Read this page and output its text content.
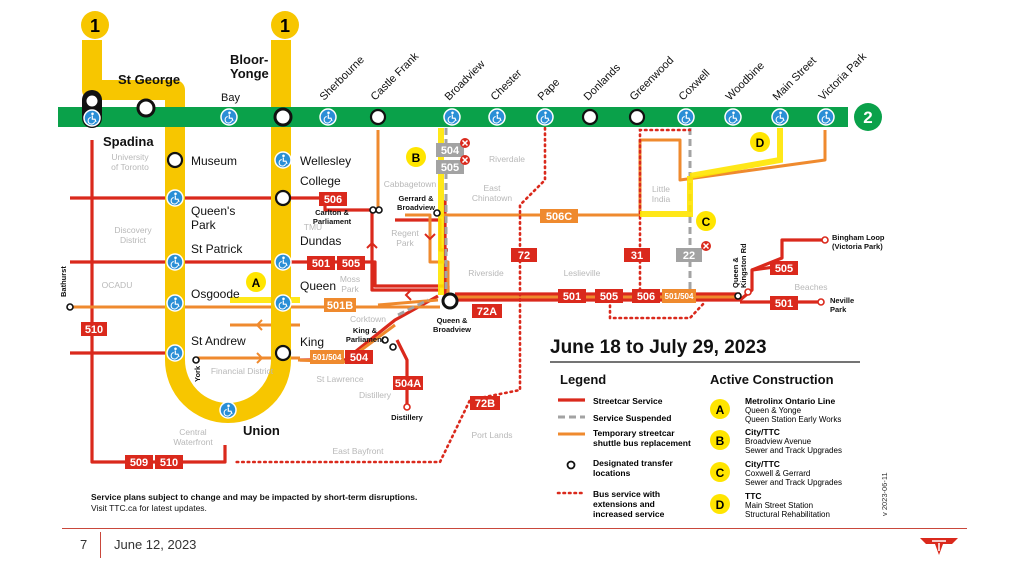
2
1	1
Bay	Sherbourne Castle Frank Broadview Chester Pape Donlands Greenwood Coxwell Woodbine Main Street
Victoria Park
St George
Spadina
Museum
Queen's
Park
St Patrick
Osgoode
St Andrew
Bloor-
Yonge
Wellesley
College
Dundas
Queen
King
Union
University
of Toronto
Discovery
District
OCADU
TMU
Cabbagetown
Riverdale
East
Chinatown
Regent
Park
Moss
Park
Corktown
Riverside	Leslieville
Little
India
Beaches
Financial District
St Lawrence
Distillery
Central
Waterfront
East Bayfront
Port Lands
Carlton &
Parliament
Gerrard &
Broadview
Queen &
Broadview
King &
Parliament
Queen & Kingston Rd
Bingham Loop
(Victoria Park)
Neville
Park
Distillery
Bathurst
York
506
501 505
501B
504
501/504
504A
510
509 510
72
72A
72B
506C
31	22
504
505
501 505 506 501/504
505
501
A
B
C
D
June 18 to July 29, 2023
Legend
Streetcar Service
Service Suspended
Temporary streetcar
shuttle bus replacement
Designated transfer
locations
Bus service with
extensions and
increased service
Active Construction
A
Metrolinx Ontario Line
Queen & Yonge
Queen Station Early Works
B
City/TTC
Broadview Avenue
Sewer and Track Upgrades
C
City/TTC
Coxwell & Gerrard
Sewer and Track Upgrades
D
TTC
Main Street Station
Structural Rehabilitation
Service plans subject to change and may be impacted by short-term disruptions.
Visit TTC.ca for latest updates.	v 2023-06-11
7 June 12, 2023
